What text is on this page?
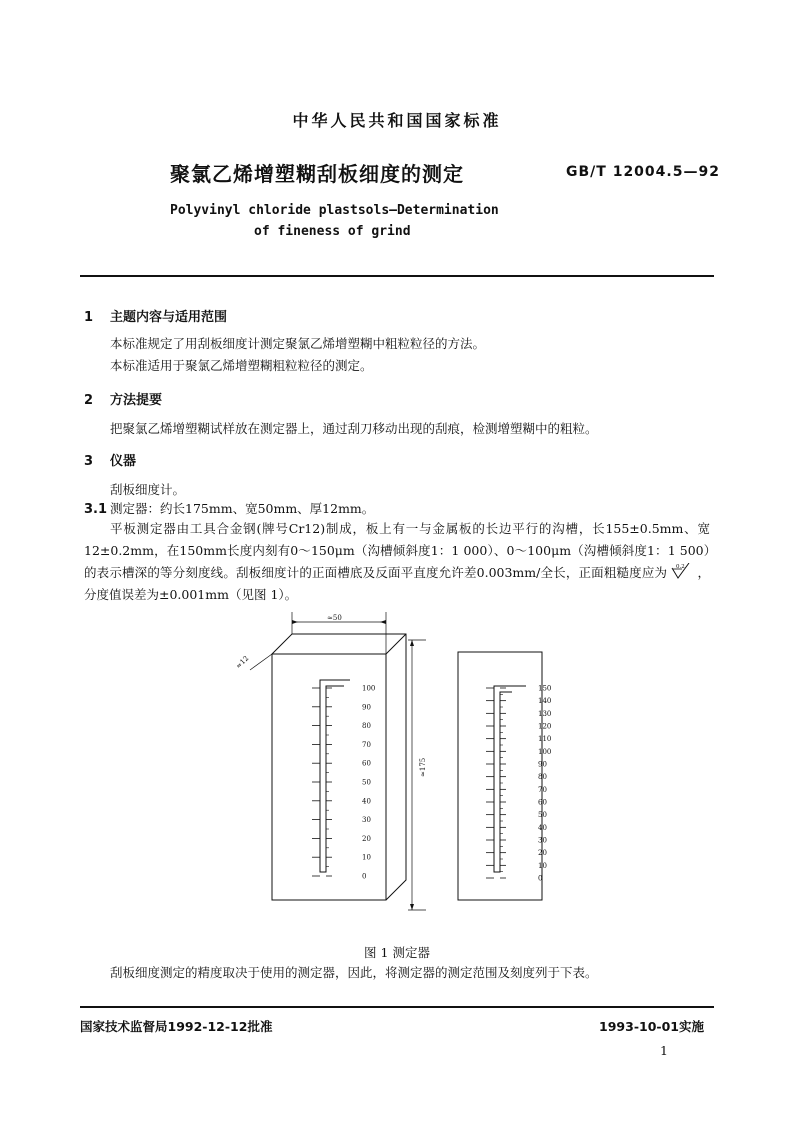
中华人民共和国国家标准
聚氯乙烯增塑糊刮板细度的测定	GB/T 12004.5—92
Polyvinyl chloride plastsols—Determination
of fineness of grind
1 主题内容与适用范围
本标准规定了用刮板细度计测定聚氯乙烯增塑糊中粗粒粒径的方法。
本标准适用于聚氯乙烯增塑糊粗粒粒径的测定。
2 方法提要
把聚氯乙烯增塑糊试样放在测定器上，通过刮刀移动出现的刮痕，检测增塑糊中的粗粒。
3 仪器
刮板细度计。
3.1 测定器：约长175mm、宽50mm、厚12mm。
平板测定器由工具合金钢(牌号Cr12)制成，板上有一与金属板的长边平行的沟槽，长155±0.5mm、宽12±0.2mm，在150mm长度内刻有0～150μm（沟槽倾斜度1：1 000）、0～100μm（沟槽倾斜度1：1 500）的表示槽深的等分刻度线。刮板细度计的正面槽底及反面平直度允许差0.003mm/全长，正面粗糙度应为 0.2 ，分度值误差为±0.001mm（见图 1）。
100
90
80
70
60
50
40
30
20
10
0
150
140
130
120
110
100
90
80
70
60
50
40
30
20
10
0
≈50
≈12
≈175
图 1 测定器
刮板细度测定的精度取决于使用的测定器，因此，将测定器的测定范围及刻度列于下表。
国家技术监督局1992-12-12批准	1993-10-01实施
1
